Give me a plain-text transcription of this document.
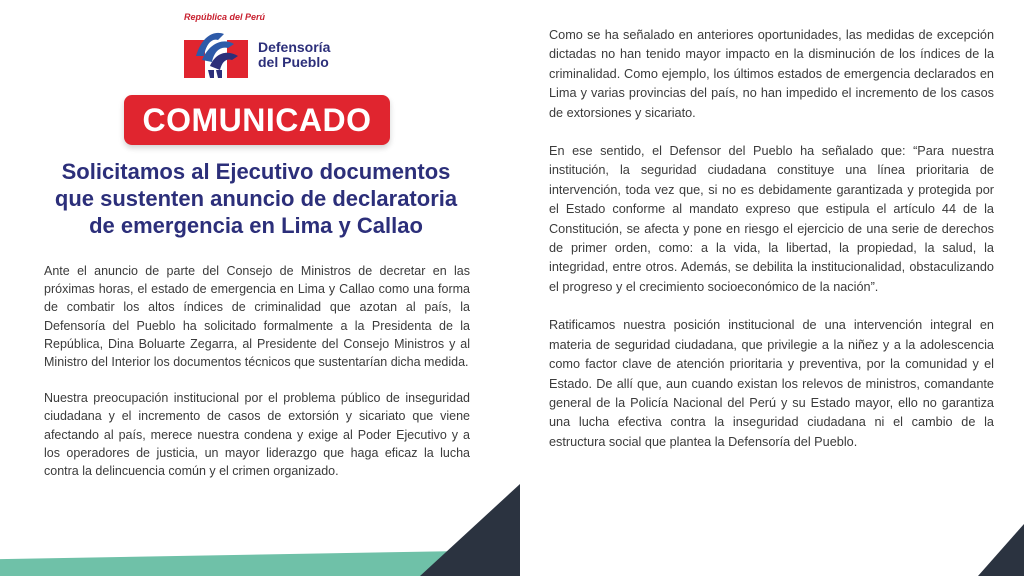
República del Perú
Defensoría
del Pueblo
COMUNICADO
Solicitamos al Ejecutivo documentos
que sustenten anuncio de declaratoria
de emergencia en Lima y Callao

Ante el anuncio de parte del Consejo de Ministros de decretar en las próximas horas, el estado de emergencia en Lima y Callao como una forma de combatir los altos índices de criminalidad que azotan al país, la Defensoría del Pueblo ha solicitado formalmente a la Presidenta de la República, Dina Boluarte Zegarra, al Presidente del Consejo Ministros y al Ministro del Interior los documentos técnicos que sustentarían dicha medida.

Nuestra preocupación institucional por el problema público de inseguridad ciudadana y el incremento de casos de extorsión y sicariato que viene afectando al país, merece nuestra condena y exige al Poder Ejecutivo y a los operadores de justicia, un mayor liderazgo que haga eficaz la lucha contra la delincuencia común y el crimen organizado.

Como se ha señalado en anteriores oportunidades, las medidas de excepción dictadas no han tenido mayor impacto en la disminución de los índices de la criminalidad. Como ejemplo, los últimos estados de emergencia declarados en Lima y varias provincias del país, no han impedido el incremento de los casos de extorsiones y sicariato.

En ese sentido, el Defensor del Pueblo ha señalado que: “Para nuestra institución, la seguridad ciudadana constituye una línea prioritaria de intervención, toda vez que, si no es debidamente garantizada y protegida por el Estado conforme al mandato expreso que estipula el artículo 44 de la Constitución, se afecta y pone en riesgo el ejercicio de una serie de derechos de primer orden, como: a la vida, la libertad, la propiedad, la salud, la integridad, entre otros. Además, se debilita la institucionalidad, obstaculizando el progreso y el crecimiento socioeconómico de la nación”.

Ratificamos nuestra posición institucional de una intervención integral en materia de seguridad ciudadana, que privilegie a la niñez y a la adolescencia como factor clave de atención prioritaria y preventiva, por la comunidad y el Estado. De allí que, aun cuando existan los relevos de ministros, comandante general de la Policía Nacional del Perú y su Estado mayor, ello no garantiza una lucha efectiva contra la inseguridad ciudadana ni el cambio de la estructura social que plantea la Defensoría del Pueblo.
